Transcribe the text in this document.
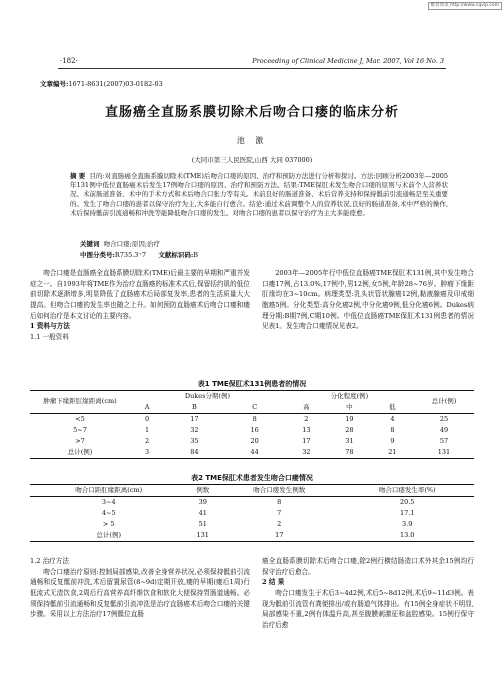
维普资讯 http://www.cqvip.com
·182·	Proceeding of Clinical Medicine J, Mar. 2007, Vol 16 No. 3
文章编号:1671-8631(2007)03-0182-03
直肠癌全直肠系膜切除术后吻合口瘘的临床分析
池 激
(大同市第三人民医院,山西 大同 037000)
摘 要 目的:对直肠癌全直肠系膜切除术(TME)后吻合口瘘的原因、治疗和预防方法进行分析和探讨。方法:回顾分析2003年—2005年131例中低位直肠癌术后发生17例吻合口瘘的原因、治疗和预防方法。结果:TME保肛术发生吻合口瘘的原则与术前个人营养状况、术前肠道准备、术中的手术方式和术后吻合口张力等有关。术前良好的肠道准备、术后营养支持和保持骶前引流通畅是至关重要的。发生了吻合口瘘的患者以保守治疗为主,大多能自行愈合。结论:通过术前调整个人的营养状况,良好的肠道准备,术中严格的操作,术后保持骶前引流通畅和冲洗等能降低吻合口瘘的发生。对吻合口瘘的患者以保守治疗为主大多能痊愈。
关键词 吻合口瘘;原因;治疗
中图分类号:R735.3⁺7 文献标识码:B
吻合口瘘是直肠癌全直肠系膜切除术(TME)后最主要的早期和严重并发症之一。自1993年将TME作为治疗直肠癌的标准术式后,保留括约肌的低位前切除术逐渐增多,明显降低了直肠癌术后局部复发率,患者的生活质量大大提高。但吻合口瘘的发生率也随之上升。如何预防直肠癌术后吻合口瘘和瘘后如何治疗是本文讨论的主要内容。
1 资料与方法
1.1 一般资料
2003年—2005年行中低位直肠癌TME保肛术131例,其中发生吻合口瘘17例,占13.0%,17例中,男12例,女5例,年龄28~76岁。肿瘤下缘距肛缘均在3~10cm。病理类型:乳头状管状腺癌12例,黏液腺癌及印戒细胞癌5例。分化类型:高分化癌2例,中分化癌9例,低分化癌6例。Dukes病理分期:B期7例,C期10例。中低位直肠癌TME保肛术131例患者的情况见表1。发生吻合口瘘情况见表2。
表1 TME保肛术131例患者的情况
肿瘤下缘距肛缘距离(cm)	Dukes分期(例)			分化程度(例)			总计(例)
	A	B	C	高	中	低	
<5	0	17	8	2	19	4	25
5~7	1	32	16	13	28	8	49
>7	2	35	20	17	31	9	57
总计(例)	3	84	44	32	78	21	131
表2 TME保肛术患者发生吻合口瘘情况
吻合口距肛缘距离(cm)	例数	吻合口瘘发生例数	吻合口瘘发生率(%)
3~4	39	8	20.5
4~5	41	7	17.1
> 5	51	2	3.9
总计(例)	131	17	13.0
1.2 治疗方法
吻合口瘘治疗原则:控制局部感染,改善全身营养状况,必须保持骶前引流通畅和反复骶前冲洗,术后留置尿管(8~9d)定期开放,瘘的早期(瘘后1周)行低流式无渣饮食,2周后行高营养高纤维饮食和软化大便保持胃肠道通畅。必须保持骶前引流通畅和反复骶前引流冲洗是治疗直肠癌术后吻合口瘘的关键步骤。采用以上方法治疗17例骶位直肠
癌全直肠系膜切除术后吻合口瘘,除2例行横结肠造口术外其余15例均行保守治疗后愈合。
2 结 果
吻合口瘘发生于术后3~4d2例,术后5~8d12例,术后9~11d3例。表现为骶前引流管有粪便排出/或有肠道气体排出。有15例全身症状不明显,局部感染不重,2例有体温升高,甚至腹膜刺激征和盆腔感染。15例行保守治疗后愈
